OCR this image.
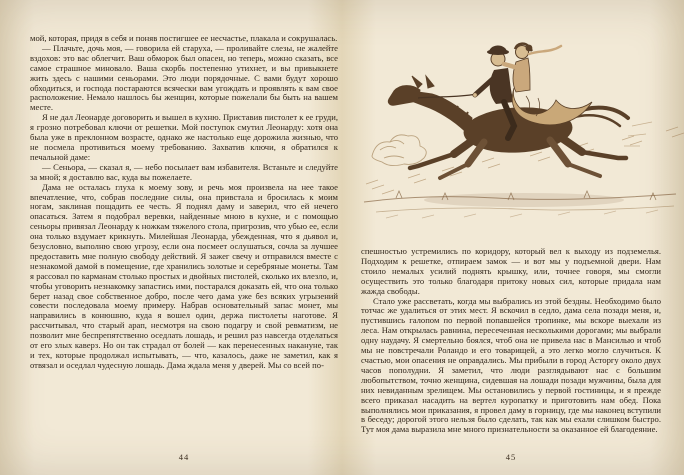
мой, которая, придя в себя и поняв постигшее ее несчастье, плакала и сокрушалась.

— Плачьте, дочь моя, — говорила ей старуха, — проливайте слезы, не жалейте вздохов: это вас облегчит. Ваш обморок был опасен, но теперь, можно сказать, все самое страшное миновало. Ваша скорбь постепенно утихнет, и вы привыкнете жить здесь с нашими сеньорами. Это люди порядочные. С вами будут хорошо обходиться, и господа постараются всячески вам угождать и проявлять к вам свое расположение. Немало нашлось бы женщин, которые пожелали бы быть на вашем месте.

Я не дал Леонарде договорить и вышел в кухню. Приставив пистолет к ее груди, я грозно потребовал ключи от решетки. Мой поступок смутил Леонарду: хотя она была уже в преклонном возрасте, однако же настолько еще дорожила жизнью, что не посмела противиться моему требованию. Захватив ключи, я обратился к печальной даме:

— Сеньора, — сказал я, — небо посылает вам избавителя. Встаньте и следуйте за мной; я доставлю вас, куда вы пожелаете.

Дама не осталась глуха к моему зову, и речь моя произвела на нее такое впечатление, что, собрав последние силы, она привстала и бросилась к моим ногам, заклиная пощадить ее честь. Я поднял даму и заверил, что ей нечего опасаться. Затем я подобрал веревки, найденные мною в кухне, и с помощью сеньоры привязал Леонарду к ножкам тяжелого стола, пригрозив, что убью ее, если она только вздумает крикнуть. Милейшая Леонарда, убежденная, что я дьявол и, безусловно, выполню свою угрозу, если она посмеет ослушаться, сочла за лучшее предоставить мне полную свободу действий. Я зажег свечу и отправился вместе с незнакомой дамой в помещение, где хранились золотые и серебряные монеты. Там я рассовал по карманам столько простых и двойных пистолей, сколько их влезло, и, чтобы уговорить незнакомку запастись ими, постарался доказать ей, что она только берет назад свое собственное добро, после чего дама уже без всяких угрызений совести последовала моему примеру. Набрав основательный запас монет, мы направились в конюшню, куда я вошел один, держа пистолеты наготове. Я рассчитывал, что старый арап, несмотря на свою подагру и свой ревматизм, не позволит мне беспрепятственно оседлать лошадь, и решил раз навсегда отделаться от его злых каверз. Но он так страдал от болей — как перенесенных накануне, так и тех, которые продолжал испытывать, — что, казалось, даже не заметил, как я отвязал и оседлал чудесную лошадь. Дама ждала меня у дверей. Мы со всей по-

спешностью устремились по коридору, который вел к выходу из подземелья. Подходим к решетке, отпираем замок — и вот мы у подъемной двери. Нам стоило немалых усилий поднять крышку, или, точнее говоря, мы смогли осуществить это только благодаря притоку новых сил, которые придала нам жажда свободы.

Стало уже рассветать, когда мы выбрались из этой бездны. Необходимо было тотчас же удалиться от этих мест. Я вскочил в седло, дама села позади меня, и, пустившись галопом по первой попавшейся тропинке, мы вскоре выехали из леса. Нам открылась равнина, пересеченная несколькими дорогами; мы выбрали одну наудачу. Я смертельно боялся, чтоб она не привела нас в Мансилью и чтоб мы не повстречали Роландо и его товарищей, а это легко могло случиться. К счастью, мои опасения не оправдались. Мы прибыли в город Асторгу около двух часов пополудни. Я заметил, что люди разглядывают нас с большим любопытством, точно женщина, сидевшая на лошади позади мужчины, была для них невиданным зрелищем. Мы остановились у первой гостиницы, и я прежде всего приказал насадить на вертел куропатку и приготовить нам обед. Пока выполнялись мои приказания, я провел даму в горницу, где мы наконец вступили в беседу; дорогой этого нельзя было сделать, так как мы ехали слишком быстро. Тут моя дама выразила мне много признательности за оказанное ей благодеяние.

44	45
